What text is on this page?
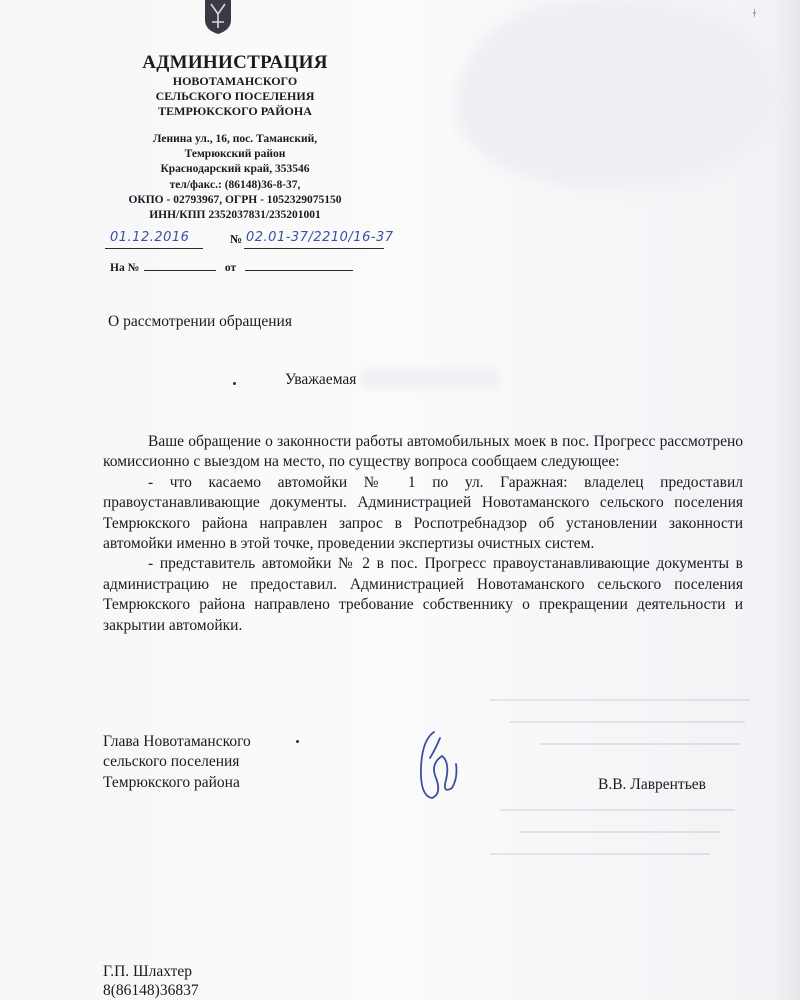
ǂ
АДМИНИСТРАЦИЯ
НОВОТАМАНСКОГО
СЕЛЬСКОГО ПОСЕЛЕНИЯ
ТЕМРЮКСКОГО РАЙОНА
Ленина ул., 16, пос. Таманский,
Темрюкский район
Краснодарский край, 353546
тел/факс.: (86148)36-8-37,
ОКПО - 02793967, ОГРН - 1052329075150
ИНН/КПП 2352037831/235201001
01.12.2016	№ 02.01-37/2210/16-37
На №	от
О рассмотрении обращения
Уважаемая

Ваше обращение о законности работы автомобильных моек в пос. Прогресс рассмотрено комиссионно с выездом на место, по существу вопроса сообщаем следующее:

- что касаемо автомойки № 1 по ул. Гаражная: владелец предоставил правоустанавливающие документы. Администрацией Новотаманского сельского поселения Темрюкского района направлен запрос в Роспотребнадзор об установлении законности автомойки именно в этой точке, проведении экспертизы очистных систем.

- представитель автомойки № 2 в пос. Прогресс правоустанавливающие документы в администрацию не предоставил. Администрацией Новотаманского сельского поселения Темрюкского района направлено требование собственнику о прекращении деятельности и закрытии автомойки.

Глава Новотаманского
сельского поселения
Темрюкского района	В.В. Лаврентьев
Г.П. Шлахтер
8(86148)36837
